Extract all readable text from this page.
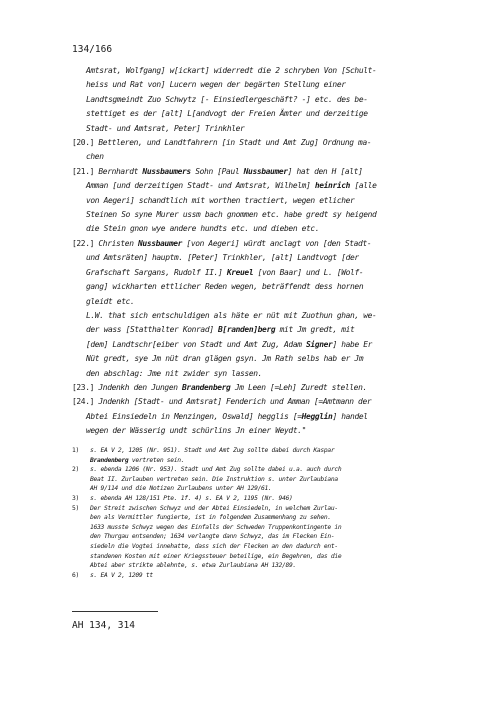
134/166

Amtsrat, Wolfgang] w[ickart] widerredt die 2 schryben Von [Schult-

heiss und Rat von] Lucern wegen der begärten Stellung einer

Landtsgmeindt Zuo Schwytz [- Einsiedlergeschäft? -] etc. des be-

stettiget es der [alt] L[andvogt der Freien Ämter und derzeitige

Stadt- und Amtsrat, Peter] Trinkhler

[20.] Bettleren, und Landtfahrern [in Stadt und Amt Zug] Ordnung ma-

chen

[21.] Bernhardt Nussbaumers Sohn [Paul Nussbaumer] hat den H [alt]

Amman [und derzeitigen Stadt- und Amtsrat, Wilhelm] heinrich [alle

von Aegeri] schandtlich mit worthen tractiert, wegen etlicher

Steinen So syne Murer ussm bach gnommen etc. habe gredt sy heigend

die Stein gnon wye andere hundts etc. und dieben etc.

[22.] Christen Nussbaumer [von Aegeri] würdt anclagt von [den Stadt-

und Amtsräten] hauptm. [Peter] Trinkhler, [alt] Landtvogt [der

Grafschaft Sargans, Rudolf II.] Kreuel [von Baar] und L. [Wolf-

gang] wickharten ettlicher Reden wegen, beträffendt dess hornen

gleidt etc.

L.W. that sich entschuldigen als häte er nüt mit Zuothun ghan, we-

der wass [Statthalter Konrad] B[randen]berg mit Jm gredt, mit

[dem] Landtschr[eiber von Stadt und Amt Zug, Adam Signer] habe Er

Nüt gredt, sye Jm nüt dran glägen gsyn. Jm Rath selbs hab er Jm

den abschlag: Jme nit zwider syn lassen.

[23.] Jndenkh den Jungen Brandenberg Jm Leen [=Leh] Zuredt stellen.

[24.] Jndenkh [Stadt- und Amtsrat] Fenderich und Amman [=Amtmann der

Abtei Einsiedeln in Menzingen, Oswald] hegglis [=Hegglin] handel

wegen der Wässerig undt schürlins Jn einer Weydt."

1) s. EA V 2, 1205 (Nr. 951). Stadt und Amt Zug sollte dabei durch Kaspar
Brandenberg vertreten sein.
2) s. ebenda 1206 (Nr. 953). Stadt und Amt Zug sollte dabei u.a. auch durch
Beat II. Zurlauben vertreten sein. Die Instruktion s. unter Zurlaubiana
AH 9/114 und die Notizen Zurlaubens unter AH 129/61.
3) s. ebenda AH 128/151 Pte. 1f. 4) s. EA V 2, 1195 (Nr. 946)
5) Der Streit zwischen Schwyz und der Abtei Einsiedeln, in welchem Zurlau-
ben als Vermittler fungierte, ist in folgendem Zusammenhang zu sehen.
1633 musste Schwyz wegen des Einfalls der Schweden Truppenkontingente in
den Thurgau entsenden; 1634 verlangte dann Schwyz, das im Flecken Ein-
siedeln die Vogtei innehatte, dass sich der Flecken an den dadurch ent-
standenen Kosten mit einer Kriegssteuer beteilige, ein Begehren, das die
Abtei aber strikte ablehnte, s. etwa Zurlaubiana AH 132/89.
6) s. EA V 2, 1209 tt
AH 134, 314
